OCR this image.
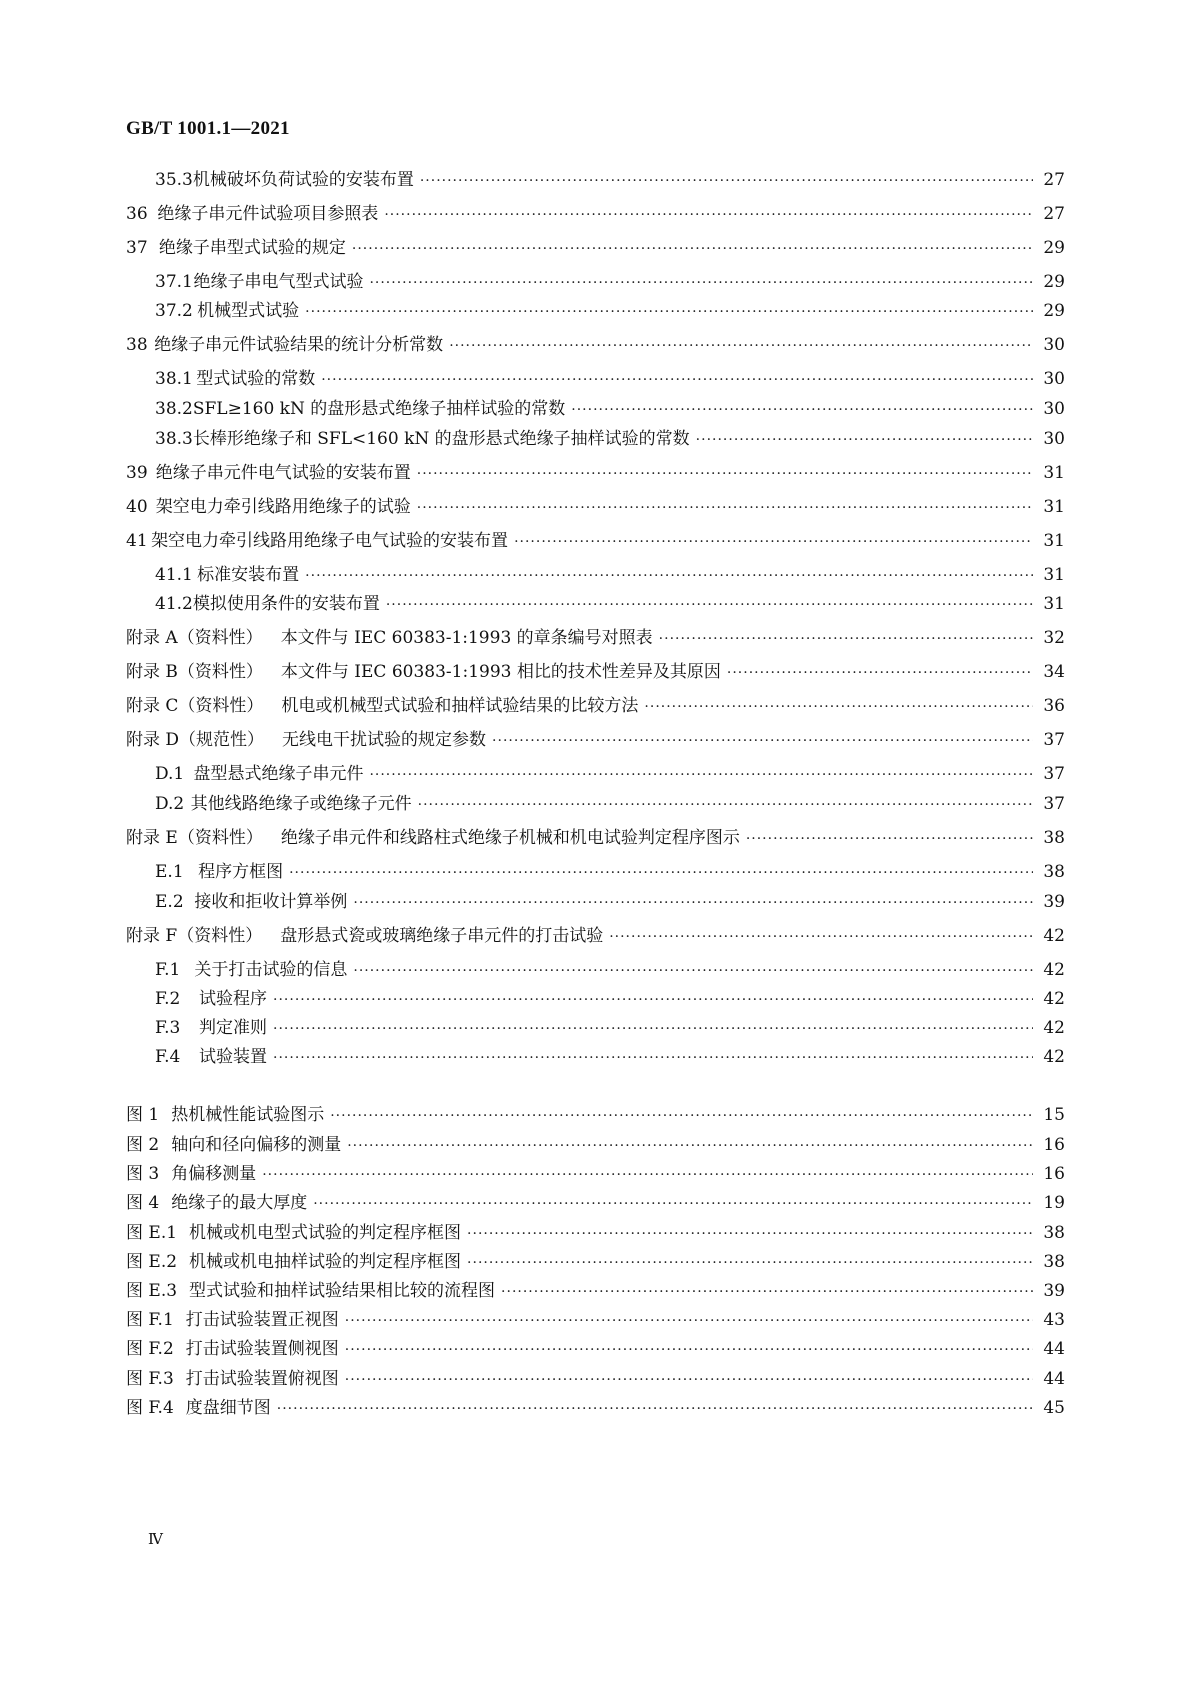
GB/T 1001.1—2021
35.3 机械破坏负荷试验的安装布置 ·····	27
36 绝缘子串元件试验项目参照表 ·····	27
37 绝缘子串型式试验的规定 ·····	29
37.1 绝缘子串电气型式试验 ·····	29
37.2 机械型式试验 ·····	29
38 绝缘子串元件试验结果的统计分析常数 ·····	30
38.1 型式试验的常数 ·····	30
38.2 SFL≥160 kN 的盘形悬式绝缘子抽样试验的常数 ·····	30
38.3 长棒形绝缘子和 SFL<160 kN 的盘形悬式绝缘子抽样试验的常数 ·····	30
39 绝缘子串元件电气试验的安装布置 ·····	31
40 架空电力牵引线路用绝缘子的试验 ·····	31
41 架空电力牵引线路用绝缘子电气试验的安装布置 ·····	31
41.1 标准安装布置 ·····	31
41.2 模拟使用条件的安装布置 ·····	31
附录 A（资料性） 本文件与 IEC 60383-1:1993 的章条编号对照表 ·····	32
附录 B（资料性） 本文件与 IEC 60383-1:1993 相比的技术性差异及其原因 ·····	34
附录 C（资料性） 机电或机械型式试验和抽样试验结果的比较方法 ·····	36
附录 D（规范性） 无线电干扰试验的规定参数 ·····	37
D.1 盘型悬式绝缘子串元件 ·····	37
D.2 其他线路绝缘子或绝缘子元件 ·····	37
附录 E（资料性） 绝缘子串元件和线路柱式绝缘子机械和机电试验判定程序图示 ·····	38
E.1 程序方框图 ·····	38
E.2 接收和拒收计算举例 ·····	39
附录 F（资料性） 盘形悬式瓷或玻璃绝缘子串元件的打击试验 ·····	42
F.1 关于打击试验的信息 ·····	42
F.2	试验程序 ·····	42
F.3	判定准则 ·····	42
F.4	试验装置 ·····	42
图 1 热机械性能试验图示 ·····	15
图 2 轴向和径向偏移的测量 ·····	16
图 3 角偏移测量 ·····	16
图 4 绝缘子的最大厚度 ·····	19
图 E.1 机械或机电型式试验的判定程序框图 ·····	38
图 E.2 机械或机电抽样试验的判定程序框图 ·····	38
图 E.3 型式试验和抽样试验结果相比较的流程图 ·····	39
图 F.1 打击试验装置正视图 ·····	43
图 F.2 打击试验装置侧视图 ·····	44
图 F.3 打击试验装置俯视图 ·····	44
图 F.4 度盘细节图 ·····	45
Ⅳ
